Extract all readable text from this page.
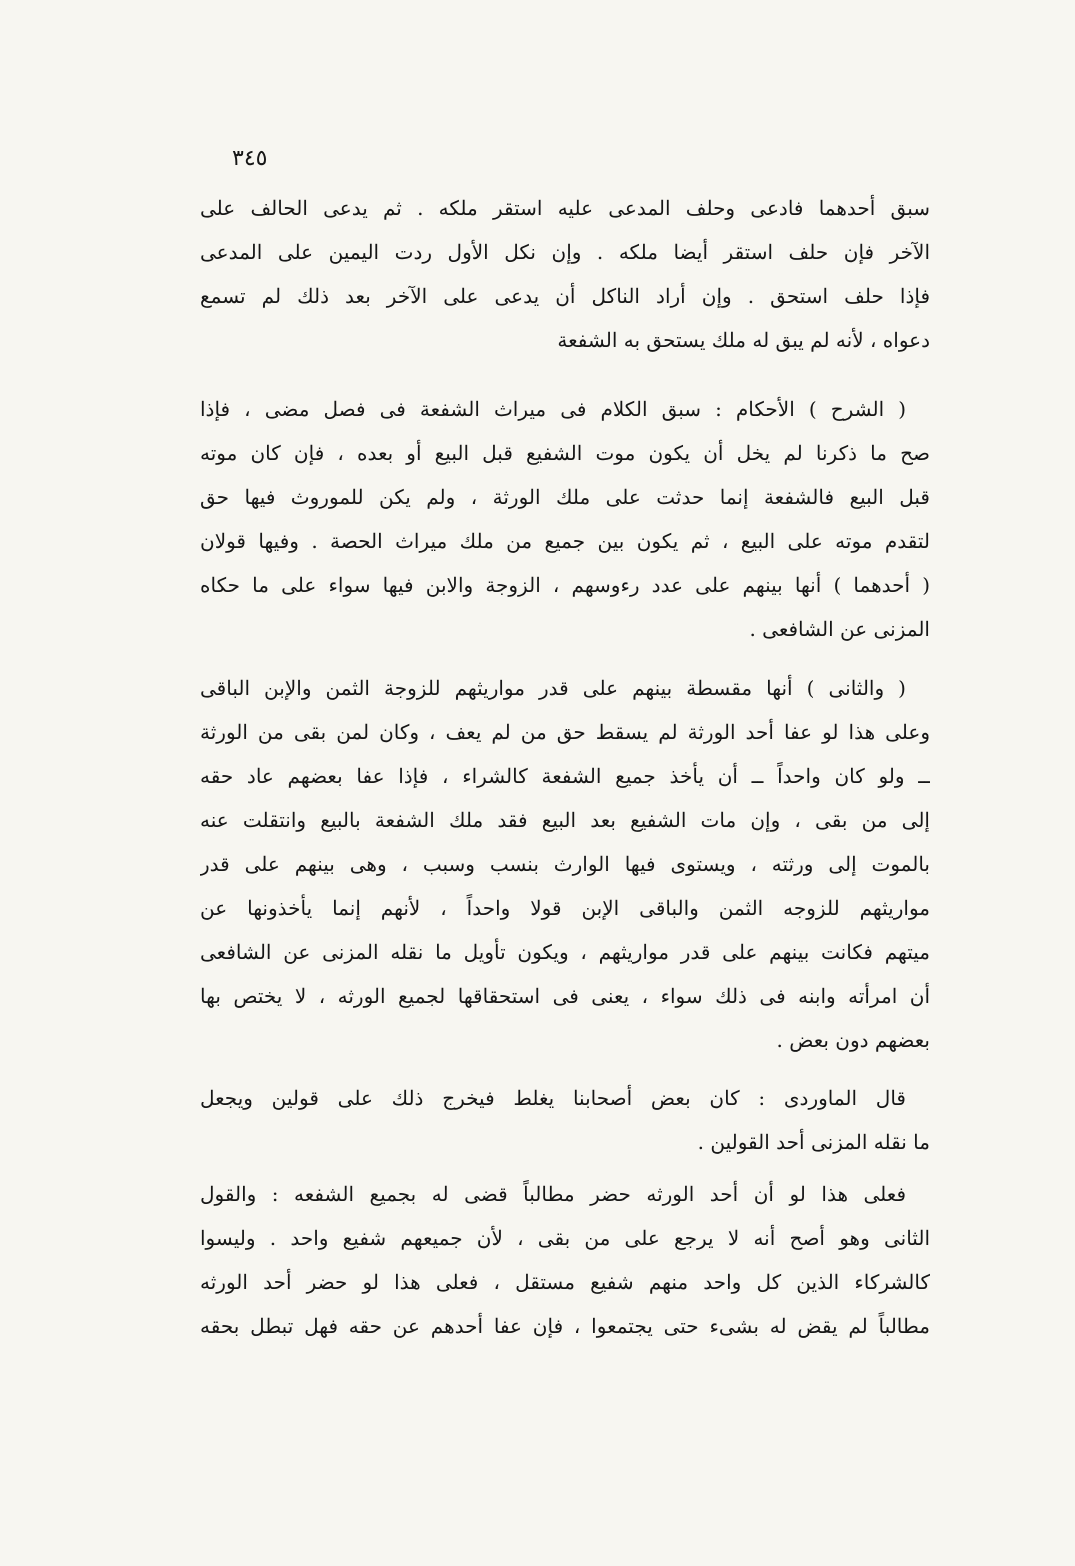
٣٤٥
سبق أحدهما فادعى وحلف المدعى عليه استقر ملكه . ثم يدعى الحالف على
الآخر فإن حلف استقر أيضا ملكه . وإن نكل الأول ردت اليمين على المدعى
فإذا حلف استحق . وإن أراد الناكل أن يدعى على الآخر بعد ذلك لم تسمع
دعواه ، لأنه لم يبق له ملك يستحق به الشفعة
( الشرح ) الأحكام : سبق الكلام فى ميراث الشفعة فى فصل مضى ، فإذا
صح ما ذكرنا لم يخل أن يكون موت الشفيع قبل البيع أو بعده ، فإن كان موته
قبل البيع فالشفعة إنما حدثت على ملك الورثة ، ولم يكن للموروث فيها حق
لتقدم موته على البيع ، ثم يكون بين جميع من ملك ميراث الحصة . وفيها قولان
( أحدهما ) أنها بينهم على عدد رءوسهم ، الزوجة والابن فيها سواء على ما حكاه
المزنى عن الشافعى .
( والثانى ) أنها مقسطة بينهم على قدر مواريثهم للزوجة الثمن والإبن الباقى
وعلى هذا لو عفا أحد الورثة لم يسقط حق من لم يعف ، وكان لمن بقى من الورثة
ــ ولو كان واحداً ــ أن يأخذ جميع الشفعة كالشراء ، فإذا عفا بعضهم عاد حقه
إلى من بقى ، وإن مات الشفيع بعد البيع فقد ملك الشفعة بالبيع وانتقلت عنه
بالموت إلى ورثته ، ويستوى فيها الوارث بنسب وسبب ، وهى بينهم على قدر
مواريثهم للزوجه الثمن والباقى الإبن قولا واحداً ، لأنهم إنما يأخذونها عن
ميتهم فكانت بينهم على قدر مواريثهم ، ويكون تأويل ما نقله المزنى عن الشافعى
أن امرأته وابنه فى ذلك سواء ، يعنى فى استحقاقها لجميع الورثه ، لا يختص بها
بعضهم دون بعض .
قال الماوردى : كان بعض أصحابنا يغلط فيخرج ذلك على قولين ويجعل
ما نقله المزنى أحد القولين .
فعلى هذا لو أن أحد الورثه حضر مطالباً قضى له بجميع الشفعه : والقول
الثانى وهو أصح أنه لا يرجع على من بقى ، لأن جميعهم شفيع واحد . وليسوا
كالشركاء الذين كل واحد منهم شفيع مستقل ، فعلى هذا لو حضر أحد الورثه
مطالباً لم يقض له بشىء حتى يجتمعوا ، فإن عفا أحدهم عن حقه فهل تبطل بحقه
